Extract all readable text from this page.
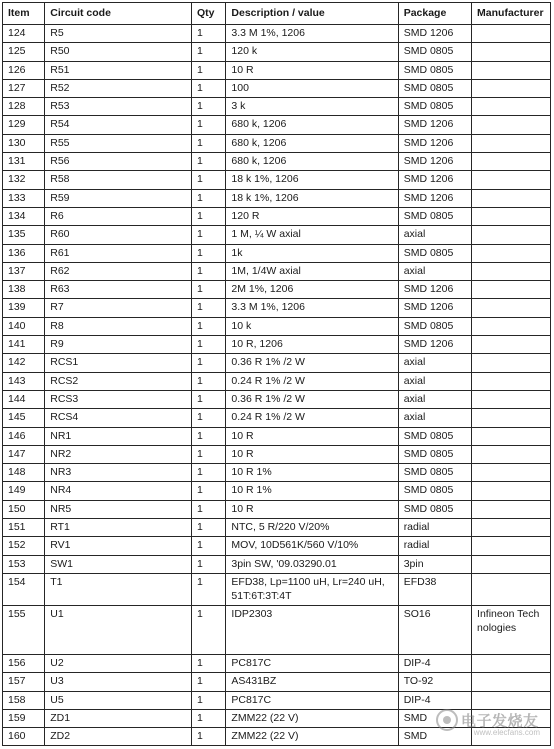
Item	Circuit code	Qty	Description / value	Package	Manufacturer
124	R5	1	3.3 M 1%, 1206	SMD 1206	
125	R50	1	120 k	SMD 0805	
126	R51	1	10 R	SMD 0805	
127	R52	1	100	SMD 0805	
128	R53	1	3 k	SMD 0805	
129	R54	1	680 k, 1206	SMD 1206	
130	R55	1	680 k, 1206	SMD 1206	
131	R56	1	680 k, 1206	SMD 1206	
132	R58	1	18 k 1%, 1206	SMD 1206	
133	R59	1	18 k 1%, 1206	SMD 1206	
134	R6	1	120 R	SMD 0805	
135	R60	1	1 M, ¼ W axial	axial	
136	R61	1	1k	SMD 0805	
137	R62	1	1M, 1/4W axial	axial	
138	R63	1	2M 1%, 1206	SMD 1206	
139	R7	1	3.3 M 1%, 1206	SMD 1206	
140	R8	1	10 k	SMD 0805	
141	R9	1	10 R, 1206	SMD 1206	
142	RCS1	1	0.36 R 1% /2 W	axial	
143	RCS2	1	0.24 R 1% /2 W	axial	
144	RCS3	1	0.36 R 1% /2 W	axial	
145	RCS4	1	0.24 R 1% /2 W	axial	
146	NR1	1	10 R	SMD 0805	
147	NR2	1	10 R	SMD 0805	
148	NR3	1	10 R 1%	SMD 0805	
149	NR4	1	10 R 1%	SMD 0805	
150	NR5	1	10 R	SMD 0805	
151	RT1	1	NTC, 5 R/220 V/20%	radial	
152	RV1	1	MOV, 10D561K/560 V/10%	radial	
153	SW1	1	3pin SW, '09.03290.01	3pin	
154	T1	1	EFD38, Lp=1100 uH, Lr=240 uH, 51T:6T:3T:4T	EFD38	
155	U1	1	IDP2303	SO16	Infineon Technologies
156	U2	1	PC817C	DIP-4	
157	U3	1	AS431BZ	TO-92	
158	U5	1	PC817C	DIP-4	
159	ZD1	1	ZMM22 (22 V)	SMD	
160	ZD2	1	ZMM22 (22 V)	SMD	
电子发烧友
www.elecfans.com
